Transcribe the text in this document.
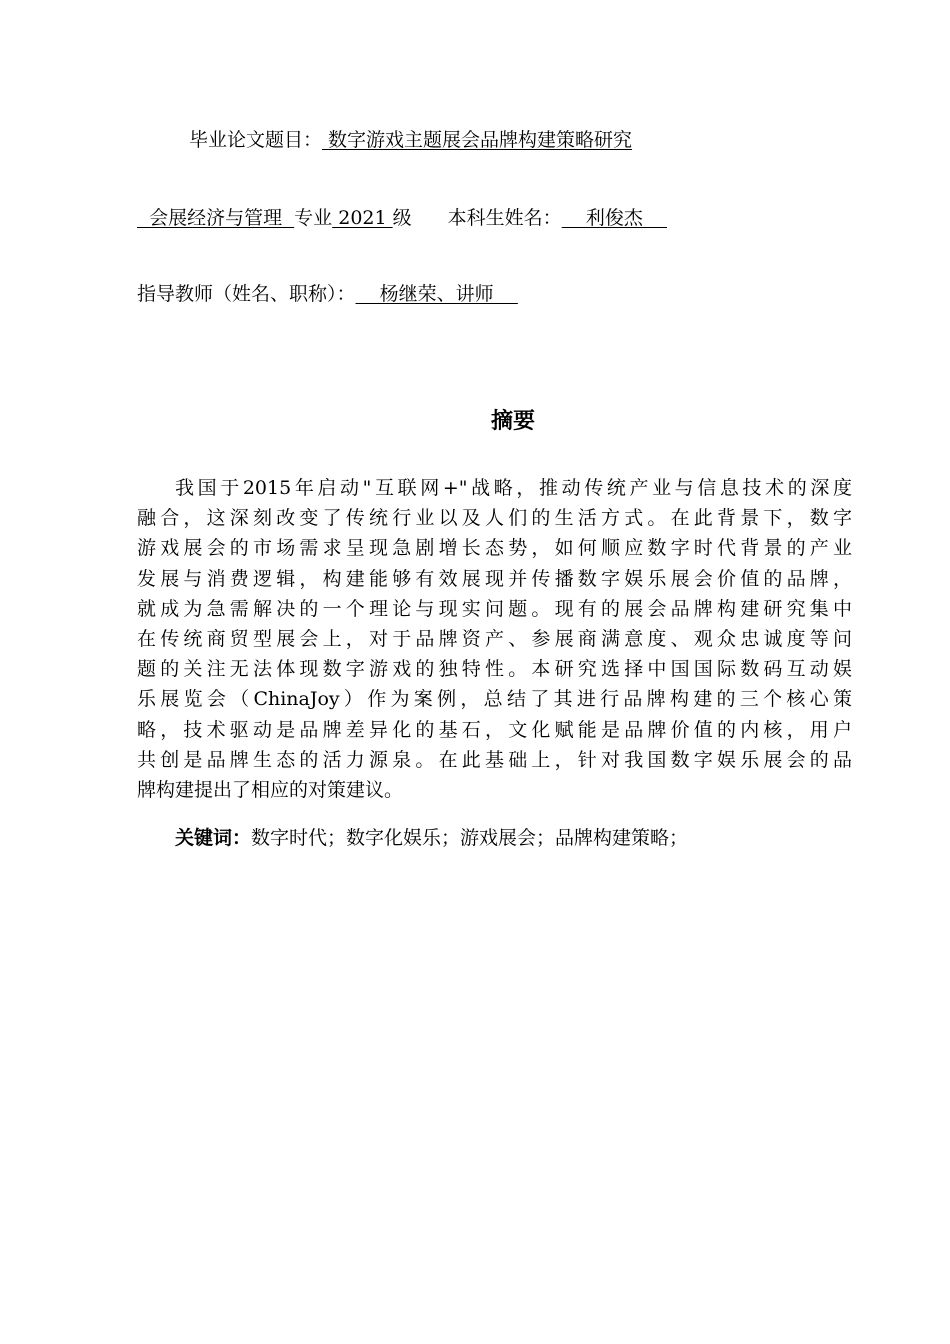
毕业论文题目： 数字游戏主题展会品牌构建策略研究
会展经济与管理  专业 2021 级 本科生姓名：    利俊杰
指导教师（姓名、职称）：    杨继荣、讲师
摘要
我国于2015年启动"互联网+"战略，推动传统产业与信息技术的深度
融合，这深刻改变了传统行业以及人们的生活方式。在此背景下，数字
游戏展会的市场需求呈现急剧增长态势，如何顺应数字时代背景的产业
发展与消费逻辑，构建能够有效展现并传播数字娱乐展会价值的品牌，
就成为急需解决的一个理论与现实问题。现有的展会品牌构建研究集中
在传统商贸型展会上，对于品牌资产、参展商满意度、观众忠诚度等问
题的关注无法体现数字游戏的独特性。本研究选择中国国际数码互动娱
乐展览会（ChinaJoy）作为案例，总结了其进行品牌构建的三个核心策
略，技术驱动是品牌差异化的基石，文化赋能是品牌价值的内核，用户
共创是品牌生态的活力源泉。在此基础上，针对我国数字娱乐展会的品
牌构建提出了相应的对策建议。
关键词：数字时代；数字化娱乐；游戏展会；品牌构建策略；
